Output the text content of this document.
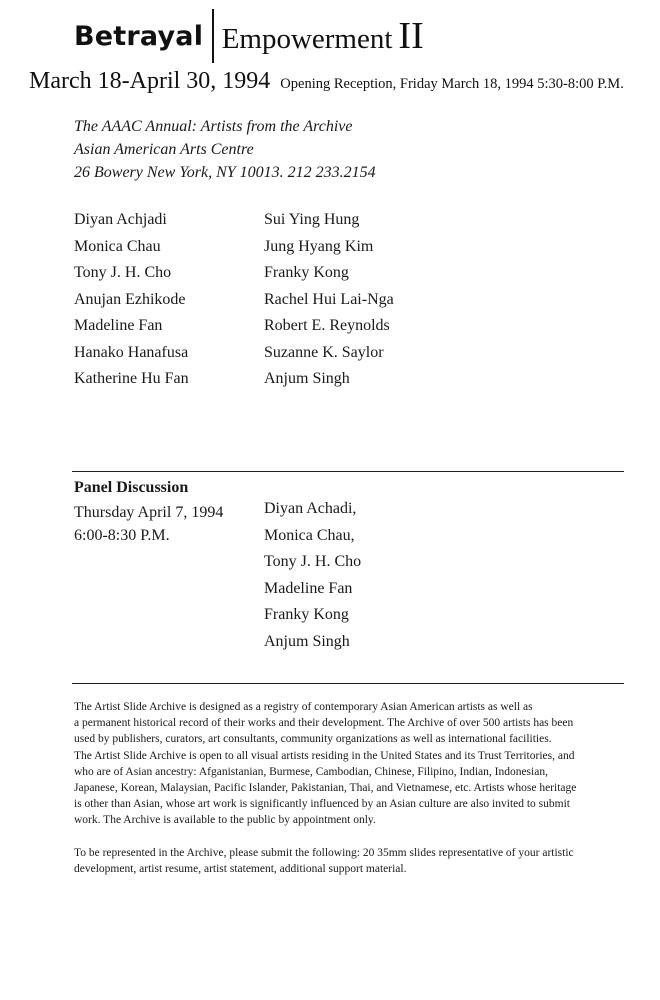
Betrayal Empowerment II
March 18-April 30, 1994 Opening Reception, Friday March 18, 1994 5:30-8:00 P.M.
The AAAC Annual: Artists from the Archive
Asian American Arts Centre
26 Bowery New York, NY 10013. 212 233.2154
Diyan Achjadi
Monica Chau
Tony J. H. Cho
Anujan Ezhikode
Madeline Fan
Hanako Hanafusa
Katherine Hu Fan
Sui Ying Hung
Jung Hyang Kim
Franky Kong
Rachel Hui Lai-Nga
Robert E. Reynolds
Suzanne K. Saylor
Anjum Singh
Panel Discussion
Thursday April 7, 1994
6:00-8:30 P.M.
Diyan Achadi,
Monica Chau,
Tony J. H. Cho
Madeline Fan
Franky Kong
Anjum Singh

The Artist Slide Archive is designed as a registry of contemporary Asian American artists as well as
a permanent historical record of their works and their development. The Archive of over 500 artists has been
used by publishers, curators, art consultants, community organizations as well as international facilities.
The Artist Slide Archive is open to all visual artists residing in the United States and its Trust Territories, and
who are of Asian ancestry: Afganistanian, Burmese, Cambodian, Chinese, Filipino, Indian, Indonesian,
Japanese, Korean, Malaysian, Pacific Islander, Pakistanian, Thai, and Vietnamese, etc. Artists whose heritage
is other than Asian, whose art work is significantly influenced by an Asian culture are also invited to submit
work. The Archive is available to the public by appointment only.

To be represented in the Archive, please submit the following: 20 35mm slides representative of your artistic
development, artist resume, artist statement, additional support material.
